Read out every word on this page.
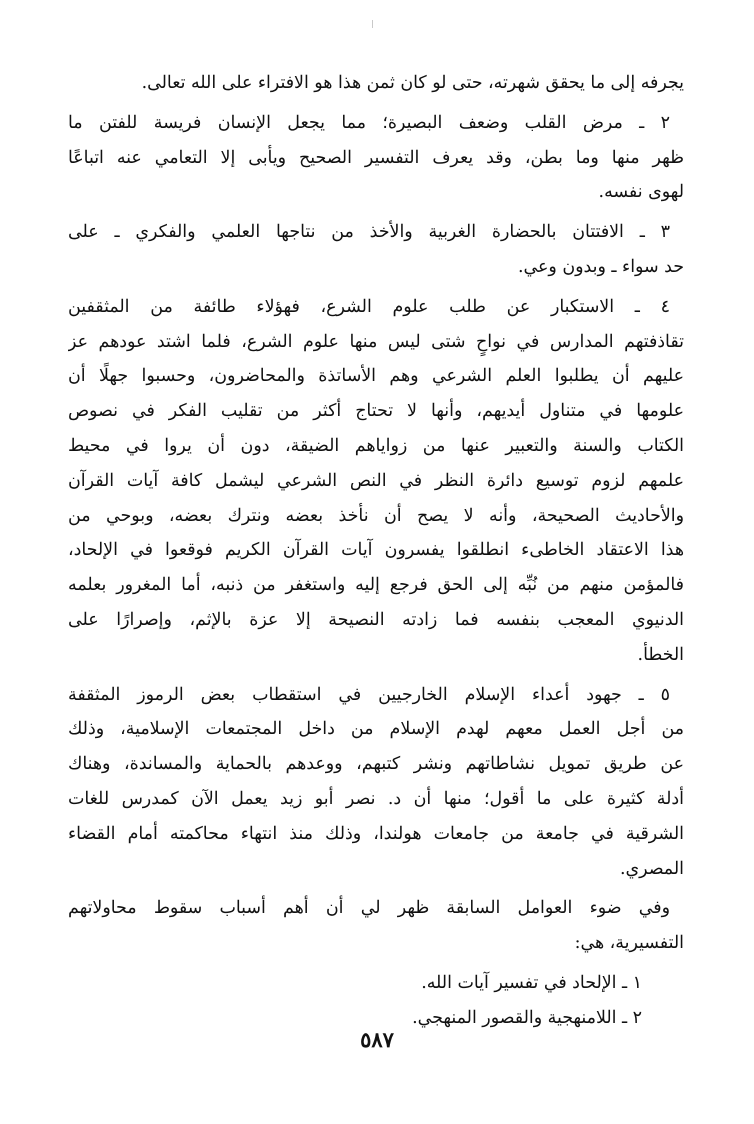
يجرفه إلى ما يحقق شهرته، حتى لو كان ثمن هذا هو الافتراء على الله تعالى.
٢ ـ مرض القلب وضعف البصيرة؛ مما يجعل الإنسان فريسة للفتن ما
ظهر منها وما بطن، وقد يعرف التفسير الصحيح ويأبى إلا التعامي عنه اتباعًا
لهوى نفسه.
٣ ـ الافتتان بالحضارة الغربية والأخذ من نتاجها العلمي والفكري ـ على
حد سواء ـ وبدون وعي.
٤ ـ الاستكبار عن طلب علوم الشرع، فهؤلاء طائفة من المثقفين
تقاذفتهم المدارس في نواحٍ شتى ليس منها علوم الشرع، فلما اشتد عودهم عز
عليهم أن يطلبوا العلم الشرعي وهم الأساتذة والمحاضرون، وحسبوا جهلًا أن
علومها في متناول أيديهم، وأنها لا تحتاج أكثر من تقليب الفكر في نصوص
الكتاب والسنة والتعبير عنها من زواياهم الضيقة، دون أن يروا في محيط
علمهم لزوم توسيع دائرة النظر في النص الشرعي ليشمل كافة آيات القرآن
والأحاديث الصحيحة، وأنه لا يصح أن نأخذ بعضه ونترك بعضه، وبوحي من
هذا الاعتقاد الخاطىء انطلقوا يفسرون آيات القرآن الكريم فوقعوا في الإلحاد،
فالمؤمن منهم من نُبِّه إلى الحق فرجع إليه واستغفر من ذنبه، أما المغرور بعلمه
الدنيوي المعجب بنفسه فما زادته النصيحة إلا عزة بالإثم، وإصرارًا على
الخطأ.
٥ ـ جهود أعداء الإسلام الخارجيين في استقطاب بعض الرموز المثقفة
من أجل العمل معهم لهدم الإسلام من داخل المجتمعات الإسلامية، وذلك
عن طريق تمويل نشاطاتهم ونشر كتبهم، ووعدهم بالحماية والمساندة، وهناك
أدلة كثيرة على ما أقول؛ منها أن د. نصر أبو زيد يعمل الآن كمدرس للغات
الشرقية في جامعة من جامعات هولندا، وذلك منذ انتهاء محاكمته أمام القضاء
المصري.
وفي ضوء العوامل السابقة ظهر لي أن أهم أسباب سقوط محاولاتهم
التفسيرية، هي:
١ ـ الإلحاد في تفسير آيات الله.
٢ ـ اللامنهجية والقصور المنهجي.
٥٨٧
